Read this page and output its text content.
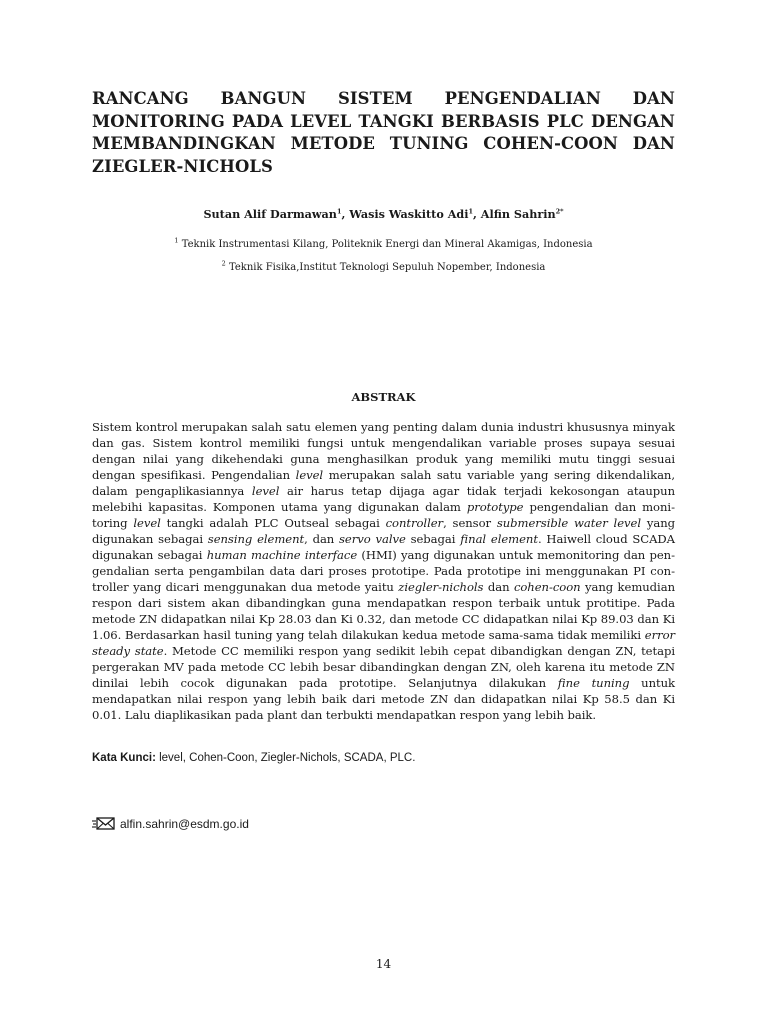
RANCANG BANGUN SISTEM PENGENDALIAN DAN MONITORING PADA LEVEL TANGKI BERBASIS PLC DENGAN MEMBANDINGKAN METODE TUNING COHEN-COON DAN ZIEGLER-NICHOLS
Sutan Alif Darmawan$^1$, Wasis Waskitto Adi$^1$, Alfin Sahrin$^{2*}$
$^1$ Teknik Instrumentasi Kilang, Politeknik Energi dan Mineral Akamigas, Indonesia
$^2$ Teknik Fisika,Institut Teknologi Sepuluh Nopember, Indonesia
ABSTRAK
Sistem kontrol merupakan salah satu elemen yang penting dalam dunia industri khususnya minyak dan gas. Sistem kontrol memiliki fungsi untuk mengendalikan variable proses supaya sesuai dengan nilai yang dikehendaki guna menghasilkan produk yang memiliki mutu tinggi sesuai dengan spesifikasi. Pengendalian level merupakan salah satu variable yang sering dikendalikan, dalam pengaplikasiannya level air harus tetap dijaga agar tidak terjadi kekosongan ataupun melebihi kapasitas. Komponen utama yang digunakan dalam prototype pengendalian dan monitoring level tangki adalah PLC Outseal sebagai controller, sensor submersible water level yang digunakan sebagai sensing element, dan servo valve sebagai final element. Haiwell cloud SCADA digunakan sebagai human machine interface (HMI) yang digunakan untuk memonitoring dan pengendalian serta pengambilan data dari proses prototipe. Pada prototipe ini menggunakan PI controller yang dicari menggunakan dua metode yaitu ziegler-nichols dan cohen-coon yang kemudian respon dari sistem akan dibandingkan guna mendapatkan respon terbaik untuk protitipe. Pada metode ZN didapatkan nilai Kp 28.03 dan Ki 0.32, dan metode CC didapatkan nilai Kp 89.03 dan Ki 1.06. Berdasarkan hasil tuning yang telah dilakukan kedua metode sama-sama tidak memiliki error steady state. Metode CC memiliki respon yang sedikit lebih cepat dibandigkan dengan ZN, tetapi pergerakan MV pada metode CC lebih besar dibandingkan dengan ZN, oleh karena itu metode ZN dinilai lebih cocok digunakan pada prototipe. Selanjutnya dilakukan fine tuning untuk mendapatkan nilai respon yang lebih baik dari metode ZN dan didapatkan nilai Kp 58.5 dan Ki 0.01. Lalu diaplikasikan pada plant dan terbukti mendapatkan respon yang lebih baik.
Kata Kunci: level, Cohen-Coon, Ziegler-Nichols, SCADA, PLC.
alfin.sahrin@esdm.go.id
14
